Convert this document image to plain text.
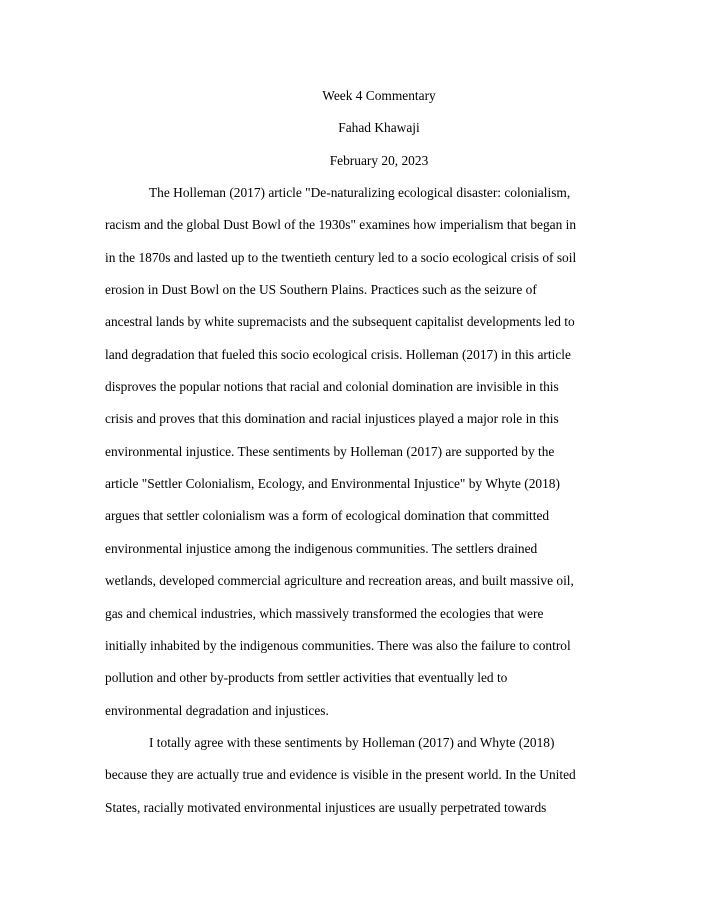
Week 4 Commentary

Fahad Khawaji

February 20, 2023

The Holleman (2017) article "De-naturalizing ecological disaster: colonialism,

racism and the global Dust Bowl of the 1930s" examines how imperialism that began in

in the 1870s and lasted up to the twentieth century led to a socio ecological crisis of soil

erosion in Dust Bowl on the US Southern Plains. Practices such as the seizure of

ancestral lands by white supremacists and the subsequent capitalist developments led to

land degradation that fueled this socio ecological crisis. Holleman (2017) in this article

disproves the popular notions that racial and colonial domination are invisible in this

crisis and proves that this domination and racial injustices played a major role in this

environmental injustice. These sentiments by Holleman (2017) are supported by the

article "Settler Colonialism, Ecology, and Environmental Injustice" by Whyte (2018)

argues that settler colonialism was a form of ecological domination that committed

environmental injustice among the indigenous communities. The settlers drained

wetlands, developed commercial agriculture and recreation areas, and built massive oil,

gas and chemical industries, which massively transformed the ecologies that were

initially inhabited by the indigenous communities. There was also the failure to control

pollution and other by-products from settler activities that eventually led to

environmental degradation and injustices.

I totally agree with these sentiments by Holleman (2017) and Whyte (2018)

because they are actually true and evidence is visible in the present world. In the United

States, racially motivated environmental injustices are usually perpetrated towards
